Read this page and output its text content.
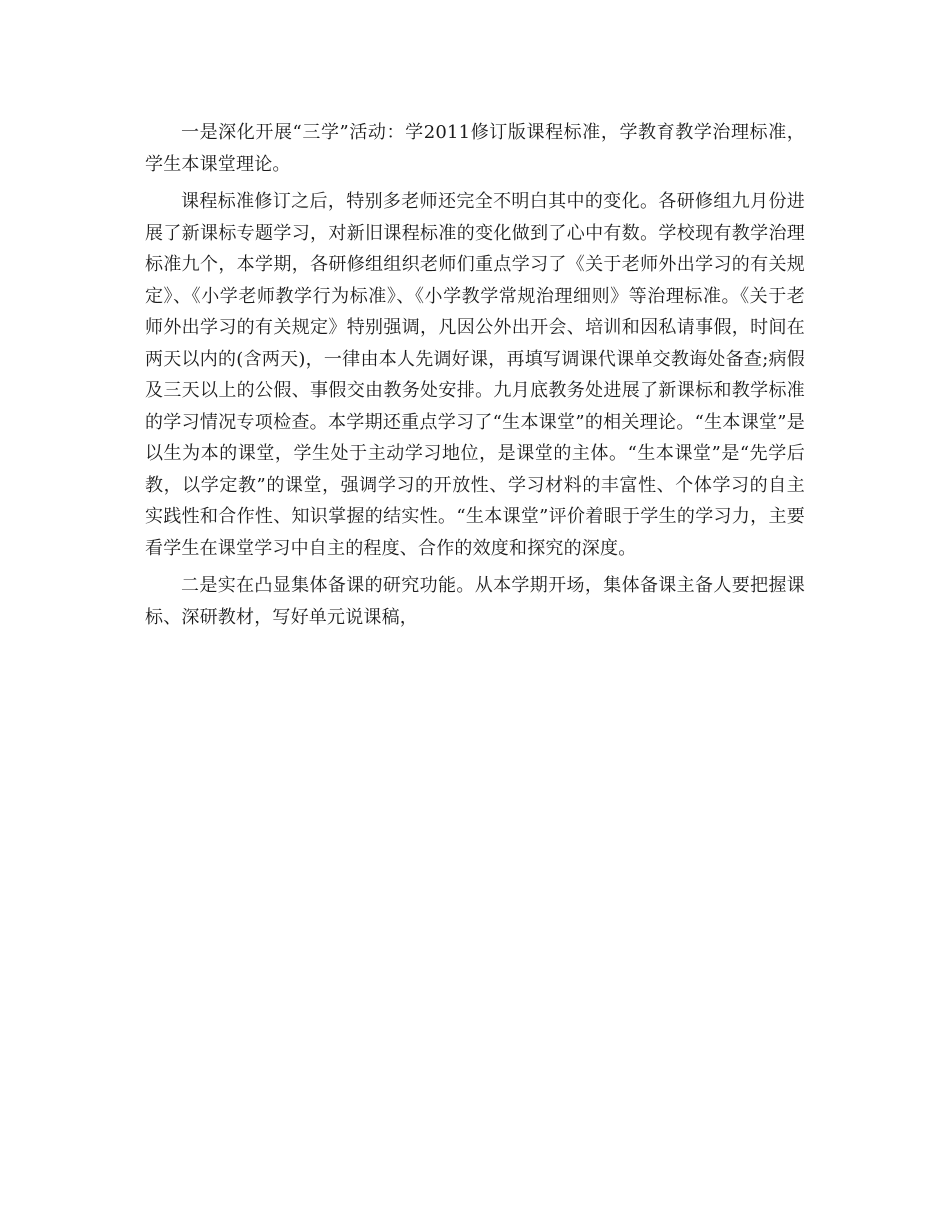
一是深化开展“三学”活动：学2011修订版课程标准，学教育教学治理标准，学生本课堂理论。

课程标准修订之后，特别多老师还完全不明白其中的变化。各研修组九月份进展了新课标专题学习，对新旧课程标准的变化做到了心中有数。学校现有教学治理标准九个，本学期，各研修组组织老师们重点学习了《关于老师外出学习的有关规定》、《小学老师教学行为标准》、《小学教学常规治理细则》等治理标准。《关于老师外出学习的有关规定》特别强调，凡因公外出开会、培训和因私请事假，时间在两天以内的(含两天)，一律由本人先调好课，再填写调课代课单交教诲处备查;病假及三天以上的公假、事假交由教务处安排。九月底教务处进展了新课标和教学标准的学习情况专项检查。本学期还重点学习了“生本课堂”的相关理论。“生本课堂”是以生为本的课堂，学生处于主动学习地位，是课堂的主体。“生本课堂”是“先学后教，以学定教”的课堂，强调学习的开放性、学习材料的丰富性、个体学习的自主实践性和合作性、知识掌握的结实性。“生本课堂”评价着眼于学生的学习力，主要看学生在课堂学习中自主的程度、合作的效度和探究的深度。

二是实在凸显集体备课的研究功能。从本学期开场，集体备课主备人要把握课标、深研教材，写好单元说课稿，
